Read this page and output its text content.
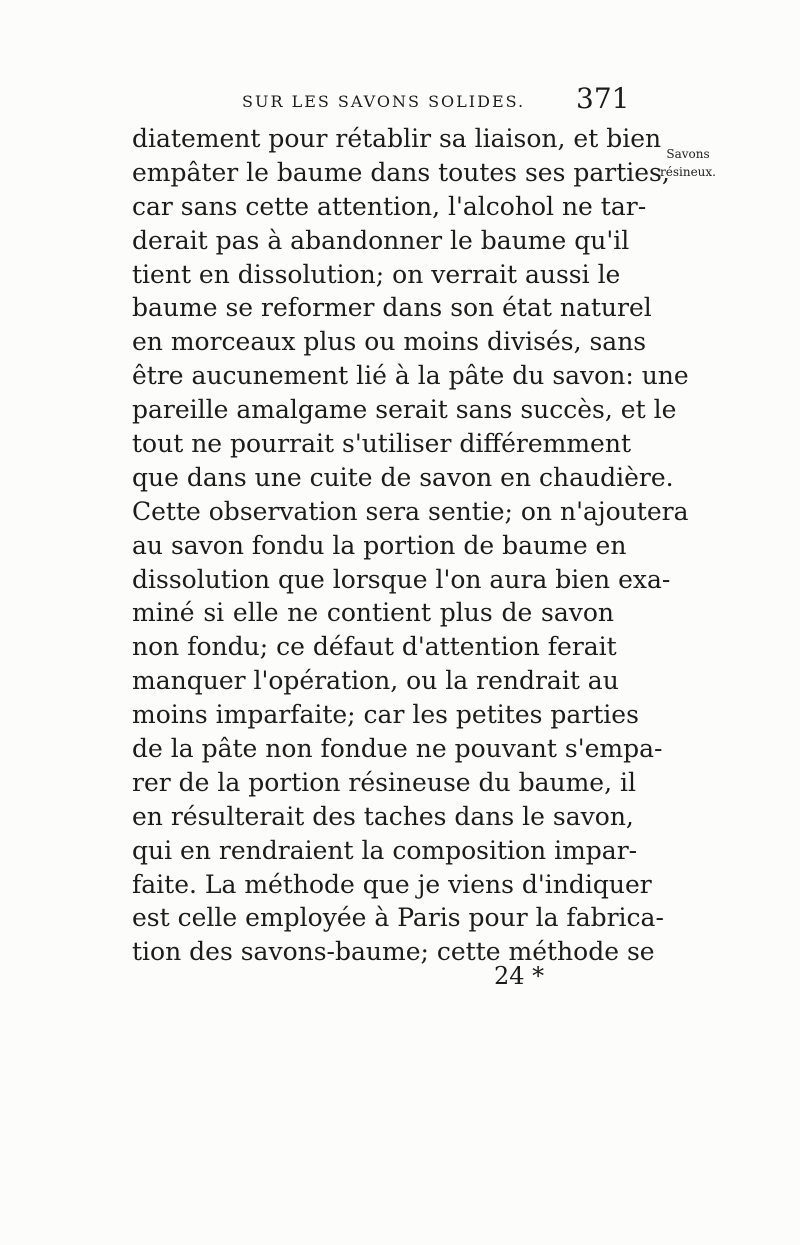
SUR LES SAVONS SOLIDES. 371
Savons
résineux.
diatement pour rétablir sa liaison, et bien
empâter le baume dans toutes ses parties,
car sans cette attention, l'alcohol ne tar-
derait pas à abandonner le baume qu'il
tient en dissolution; on verrait aussi le
baume se reformer dans son état naturel
en morceaux plus ou moins divisés, sans
être aucunement lié à la pâte du savon: une
pareille amalgame serait sans succès, et le
tout ne pourrait s'utiliser différemment
que dans une cuite de savon en chaudière.
Cette observation sera sentie; on n'ajoutera
au savon fondu la portion de baume en
dissolution que lorsque l'on aura bien exa-
miné si elle ne contient plus de savon
non fondu; ce défaut d'attention ferait
manquer l'opération, ou la rendrait au
moins imparfaite; car les petites parties
de la pâte non fondue ne pouvant s'empa-
rer de la portion résineuse du baume, il
en résulterait des taches dans le savon,
qui en rendraient la composition impar-
faite. La méthode que je viens d'indiquer
est celle employée à Paris pour la fabrica-
tion des savons-baume; cette méthode se
24 *
